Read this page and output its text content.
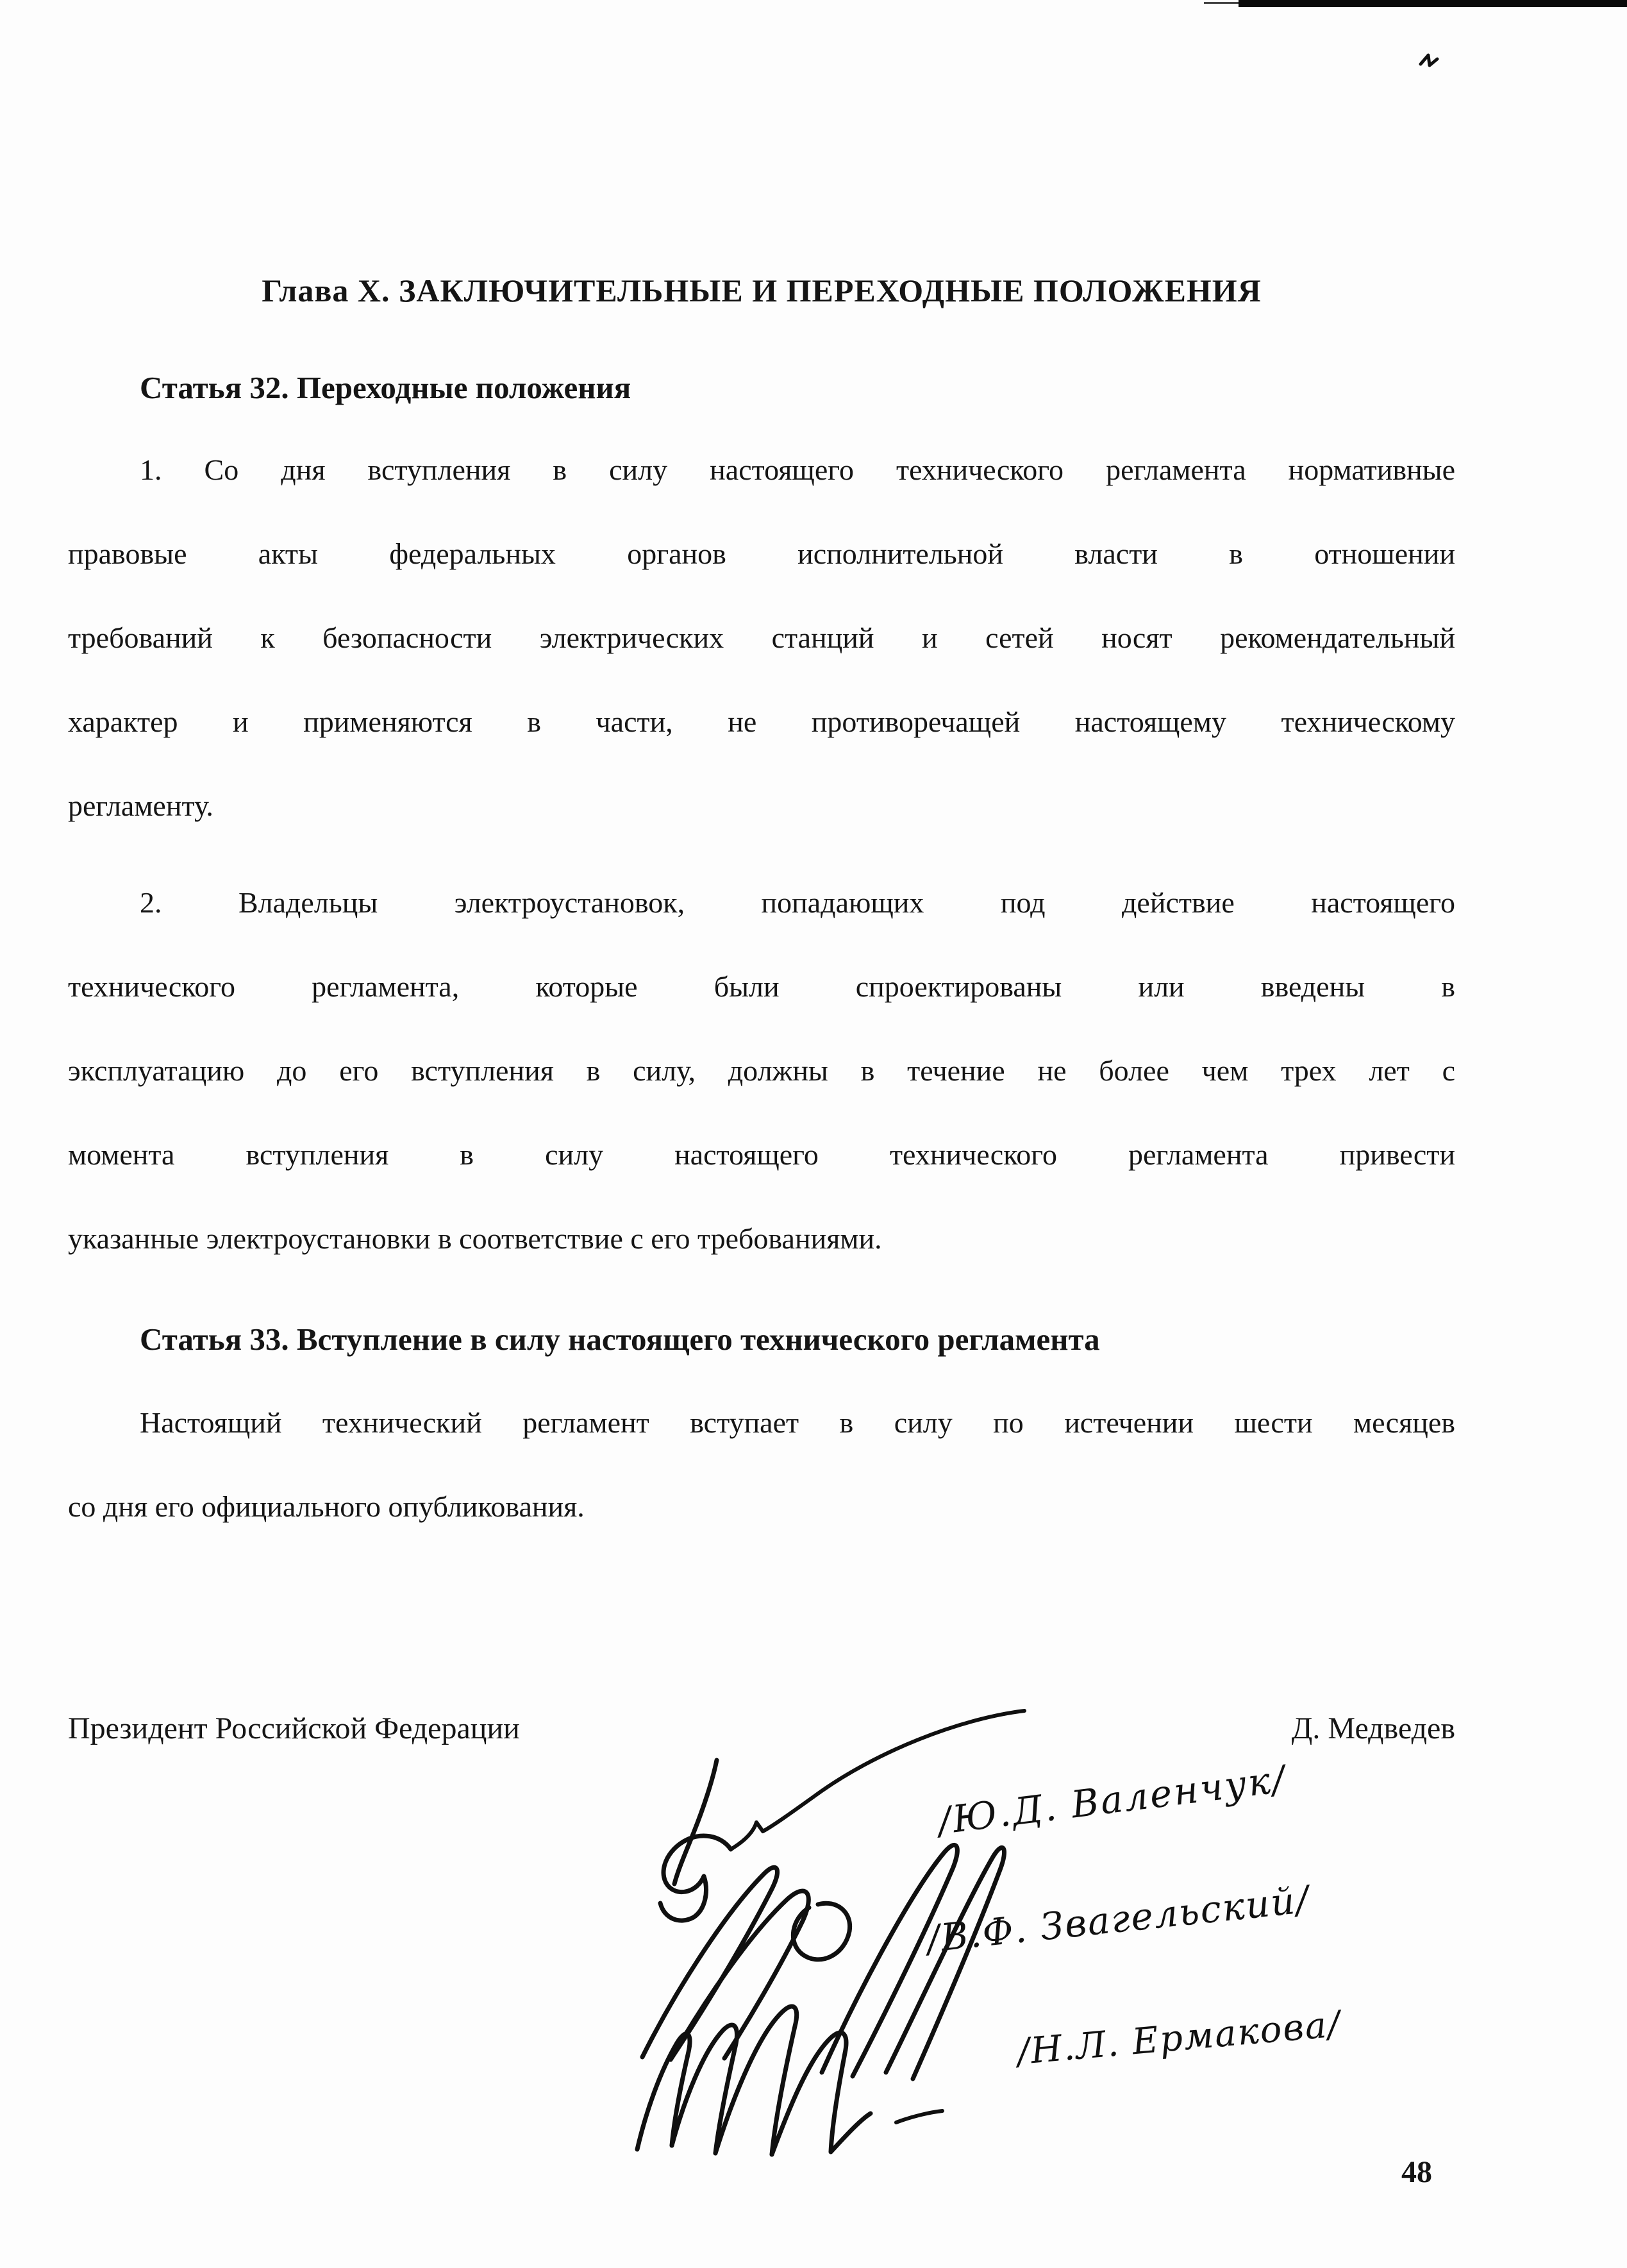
Глава X. ЗАКЛЮЧИТЕЛЬНЫЕ И ПЕРЕХОДНЫЕ ПОЛОЖЕНИЯ
Статья 32. Переходные положения
1. Со дня вступления в силу настоящего технического регламента нормативные
правовые акты федеральных органов исполнительной власти в отношении
требований к безопасности электрических станций и сетей носят рекомендательный
характер и применяются в части, не противоречащей настоящему техническому
регламенту.
2. Владельцы электроустановок, попадающих под действие настоящего
технического регламента, которые были спроектированы или введены в
эксплуатацию до его вступления в силу, должны в течение не более чем трех лет с
момента вступления в силу настоящего технического регламента привести
указанные электроустановки в соответствие с его требованиями.
Статья 33. Вступление в силу настоящего технического регламента
Настоящий технический регламент вступает в силу по истечении шести месяцев
со дня его официального опубликования.
Президент Российской Федерации	Д. Медведев
/Ю.Д. Валенчук/
/В.Ф. Звагельский/
/Н.Л. Ермакова/
48
